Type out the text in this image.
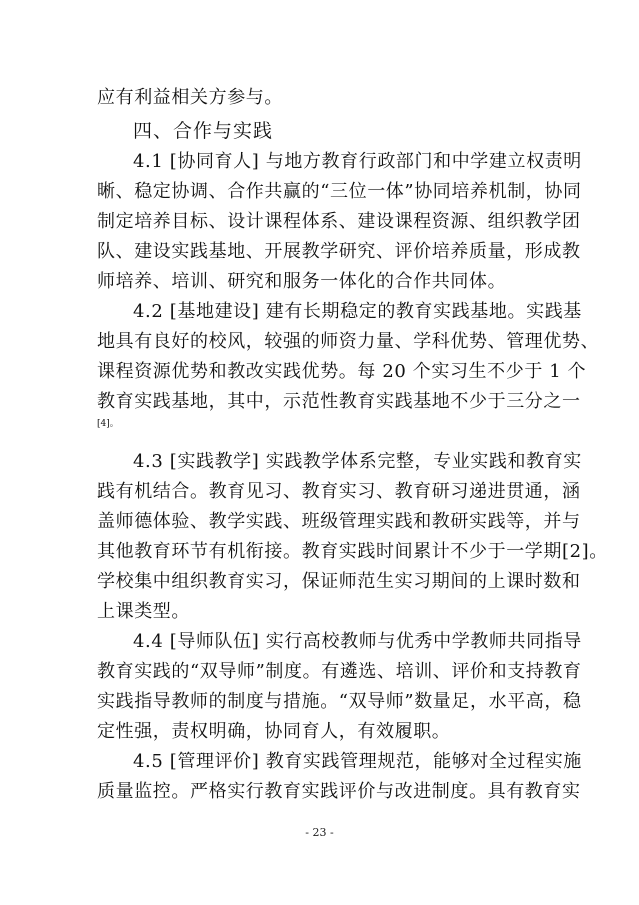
应有利益相关方参与。
四、合作与实践
4.1 [协同育人] 与地方教育行政部门和中学建立权责明
晰、稳定协调、合作共赢的“三位一体”协同培养机制，协同
制定培养目标、设计课程体系、建设课程资源、组织教学团
队、建设实践基地、开展教学研究、评价培养质量，形成教
师培养、培训、研究和服务一体化的合作共同体。
4.2 [基地建设] 建有长期稳定的教育实践基地。实践基
地具有良好的校风，较强的师资力量、学科优势、管理优势、
课程资源优势和教改实践优势。每 20 个实习生不少于 1 个
教育实践基地，其中，示范性教育实践基地不少于三分之一
[4]。
4.3 [实践教学] 实践教学体系完整，专业实践和教育实
践有机结合。教育见习、教育实习、教育研习递进贯通，涵
盖师德体验、教学实践、班级管理实践和教研实践等，并与
其他教育环节有机衔接。教育实践时间累计不少于一学期[2]。
学校集中组织教育实习，保证师范生实习期间的上课时数和
上课类型。
4.4 [导师队伍] 实行高校教师与优秀中学教师共同指导
教育实践的“双导师”制度。有遴选、培训、评价和支持教育
实践指导教师的制度与措施。“双导师”数量足，水平高，稳
定性强，责权明确，协同育人，有效履职。
4.5 [管理评价] 教育实践管理规范，能够对全过程实施
质量监控。严格实行教育实践评价与改进制度。具有教育实
- 23 -
